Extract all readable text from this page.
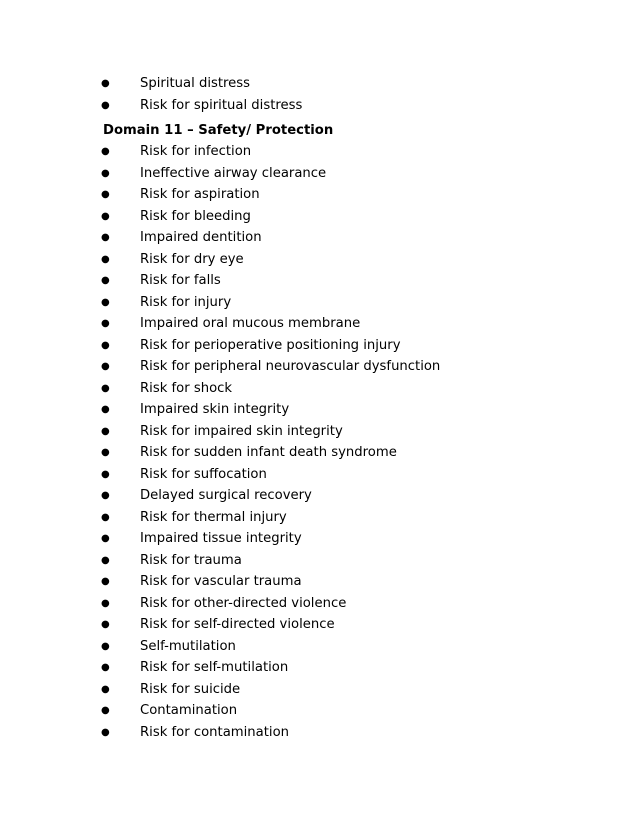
● Spiritual distress
● Risk for spiritual distress
Domain 11 – Safety/ Protection
● Risk for infection
● Ineffective airway clearance
● Risk for aspiration
● Risk for bleeding
● Impaired dentition
● Risk for dry eye
● Risk for falls
● Risk for injury
● Impaired oral mucous membrane
● Risk for perioperative positioning injury
● Risk for peripheral neurovascular dysfunction
● Risk for shock
● Impaired skin integrity
● Risk for impaired skin integrity
● Risk for sudden infant death syndrome
● Risk for suffocation
● Delayed surgical recovery
● Risk for thermal injury
● Impaired tissue integrity
● Risk for trauma
● Risk for vascular trauma
● Risk for other-directed violence
● Risk for self-directed violence
● Self-mutilation
● Risk for self-mutilation
● Risk for suicide
● Contamination
● Risk for contamination
